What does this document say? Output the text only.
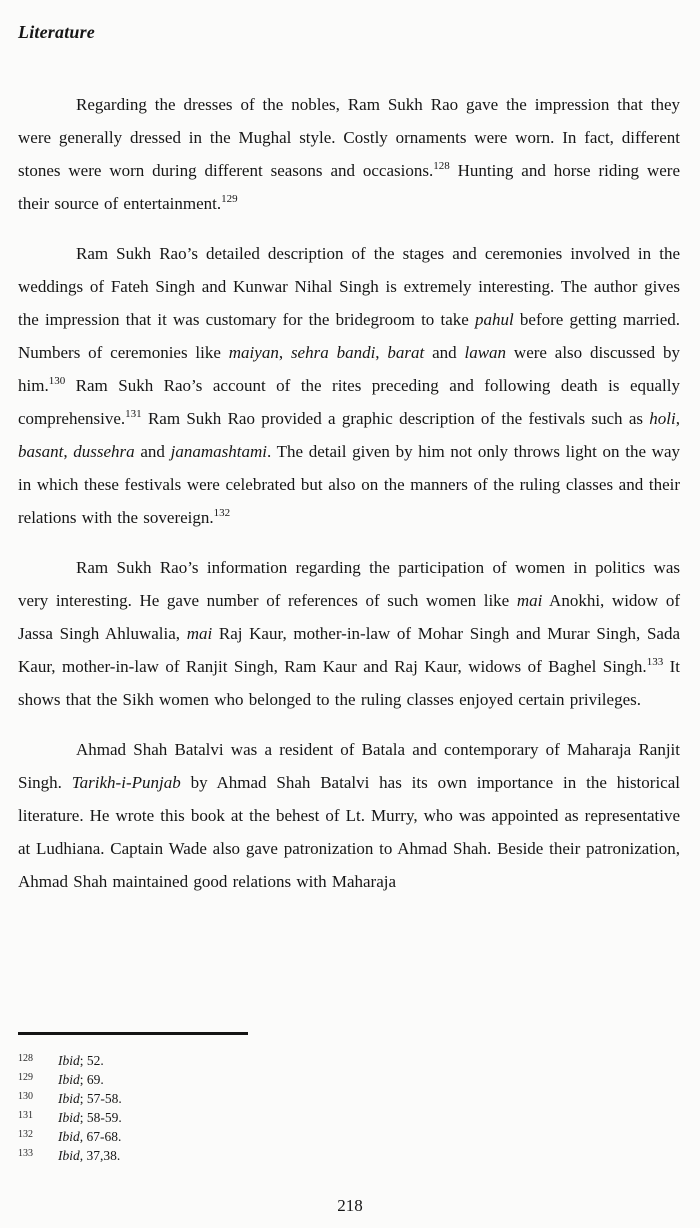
Literature

Regarding the dresses of the nobles, Ram Sukh Rao gave the impression that they were generally dressed in the Mughal style. Costly ornaments were worn. In fact, different stones were worn during different seasons and occasions.$^{128}$ Hunting and horse riding were their source of entertainment.$^{129}$

Ram Sukh Rao’s detailed description of the stages and ceremonies involved in the weddings of Fateh Singh and Kunwar Nihal Singh is extremely interesting. The author gives the impression that it was customary for the bridegroom to take pahul before getting married. Numbers of ceremonies like maiyan, sehra bandi, barat and lawan were also discussed by him.$^{130}$ Ram Sukh Rao’s account of the rites preceding and following death is equally comprehensive.$^{131}$ Ram Sukh Rao provided a graphic description of the festivals such as holi, basant, dussehra and janamashtami. The detail given by him not only throws light on the way in which these festivals were celebrated but also on the manners of the ruling classes and their relations with the sovereign.$^{132}$

Ram Sukh Rao’s information regarding the participation of women in politics was very interesting. He gave number of references of such women like mai Anokhi, widow of Jassa Singh Ahluwalia, mai Raj Kaur, mother-in-law of Mohar Singh and Murar Singh, Sada Kaur, mother-in-law of Ranjit Singh, Ram Kaur and Raj Kaur, widows of Baghel Singh.$^{133}$ It shows that the Sikh women who belonged to the ruling classes enjoyed certain privileges.

Ahmad Shah Batalvi was a resident of Batala and contemporary of Maharaja Ranjit Singh. Tarikh-i-Punjab by Ahmad Shah Batalvi has its own importance in the historical literature. He wrote this book at the behest of Lt. Murry, who was appointed as representative at Ludhiana. Captain Wade also gave patronization to Ahmad Shah. Beside their patronization, Ahmad Shah maintained good relations with Maharaja

128	Ibid; 52.
129	Ibid; 69.
130	Ibid; 57-58.
131	Ibid; 58-59.
132	Ibid, 67-68.
133	Ibid, 37,38.
218
